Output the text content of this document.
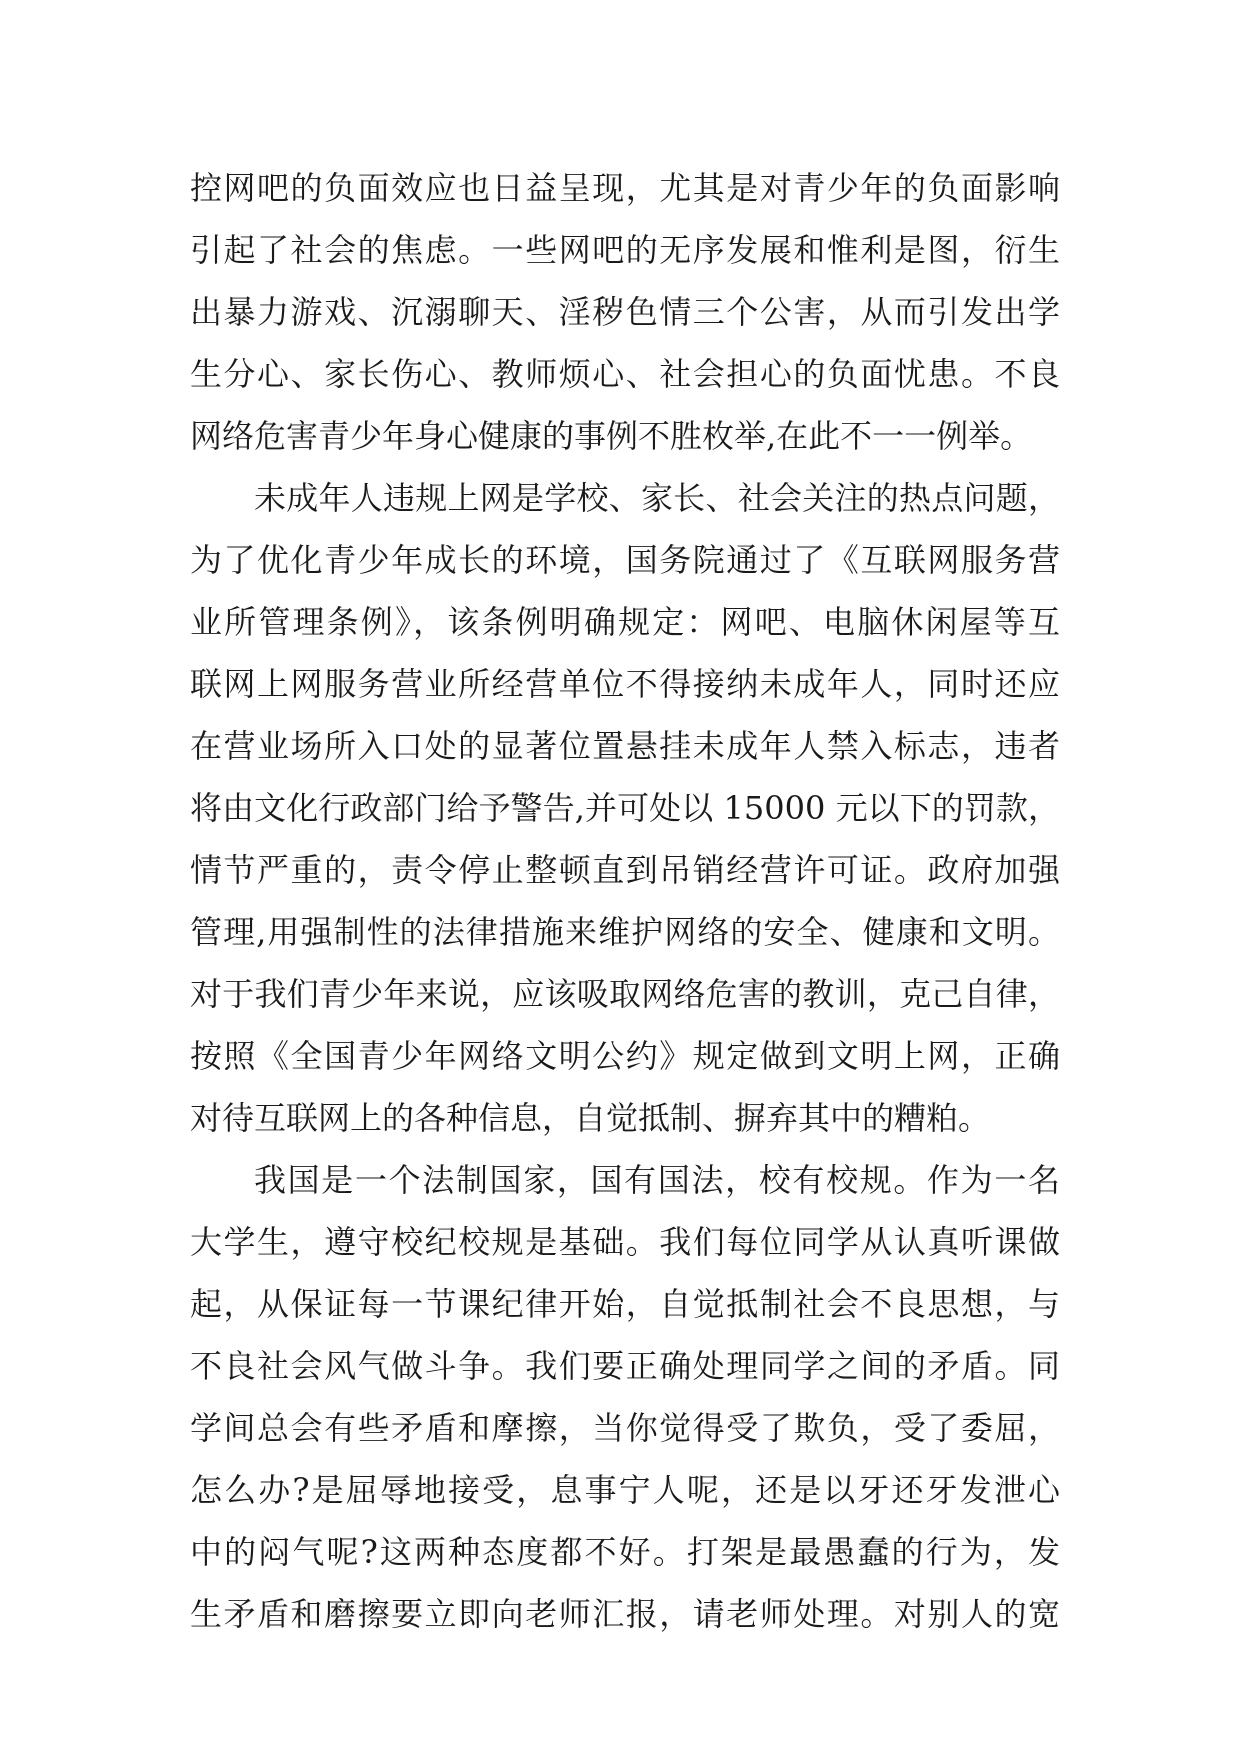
控网吧的负面效应也日益呈现，尤其是对青少年的负面影响
引起了社会的焦虑。一些网吧的无序发展和惟利是图，衍生
出暴力游戏、沉溺聊天、淫秽色情三个公害，从而引发出学
生分心、家长伤心、教师烦心、社会担心的负面忧患。不良
网络危害青少年身心健康的事例不胜枚举,在此不一一例举。
未成年人违规上网是学校、家长、社会关注的热点问题，
为了优化青少年成长的环境，国务院通过了《互联网服务营
业所管理条例》，该条例明确规定：网吧、电脑休闲屋等互
联网上网服务营业所经营单位不得接纳未成年人，同时还应
在营业场所入口处的显著位置悬挂未成年人禁入标志，违者
将由文化行政部门给予警告,并可处以 15000 元以下的罚款，
情节严重的，责令停止整顿直到吊销经营许可证。政府加强
管理,用强制性的法律措施来维护网络的安全、健康和文明。
对于我们青少年来说，应该吸取网络危害的教训，克己自律，
按照《全国青少年网络文明公约》规定做到文明上网，正确
对待互联网上的各种信息，自觉抵制、摒弃其中的糟粕。
我国是一个法制国家，国有国法，校有校规。作为一名
大学生，遵守校纪校规是基础。我们每位同学从认真听课做
起，从保证每一节课纪律开始，自觉抵制社会不良思想，与
不良社会风气做斗争。我们要正确处理同学之间的矛盾。同
学间总会有些矛盾和摩擦，当你觉得受了欺负，受了委屈，
怎么办?是屈辱地接受，息事宁人呢，还是以牙还牙发泄心
中的闷气呢?这两种态度都不好。打架是最愚蠢的行为，发
生矛盾和磨擦要立即向老师汇报，请老师处理。对别人的宽
